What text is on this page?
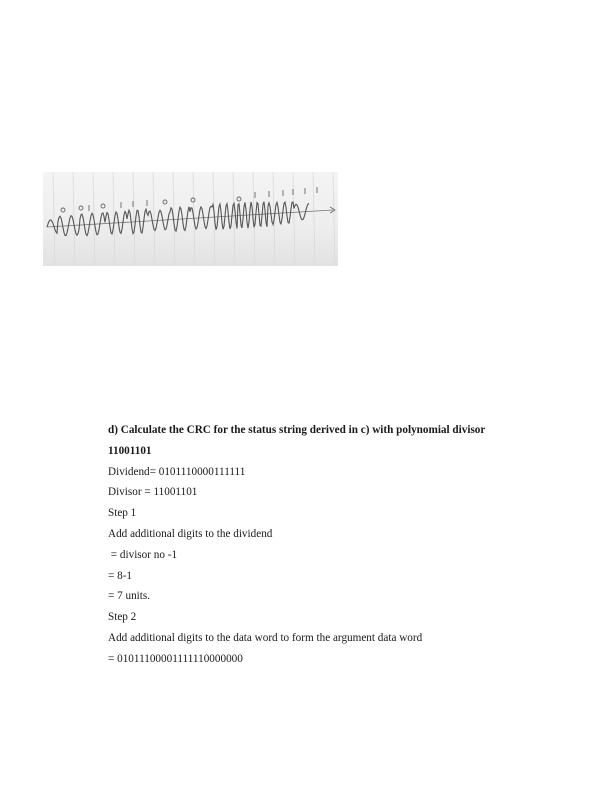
d) Calculate the CRC for the status string derived in c) with polynomial divisor
11001101
Dividend= 0101110000111111
Divisor = 11001101
Step 1
Add additional digits to the dividend
= divisor no -1
= 8-1
= 7 units.
Step 2
Add additional digits to the data word to form the argument data word
= 01011100001111110000000
